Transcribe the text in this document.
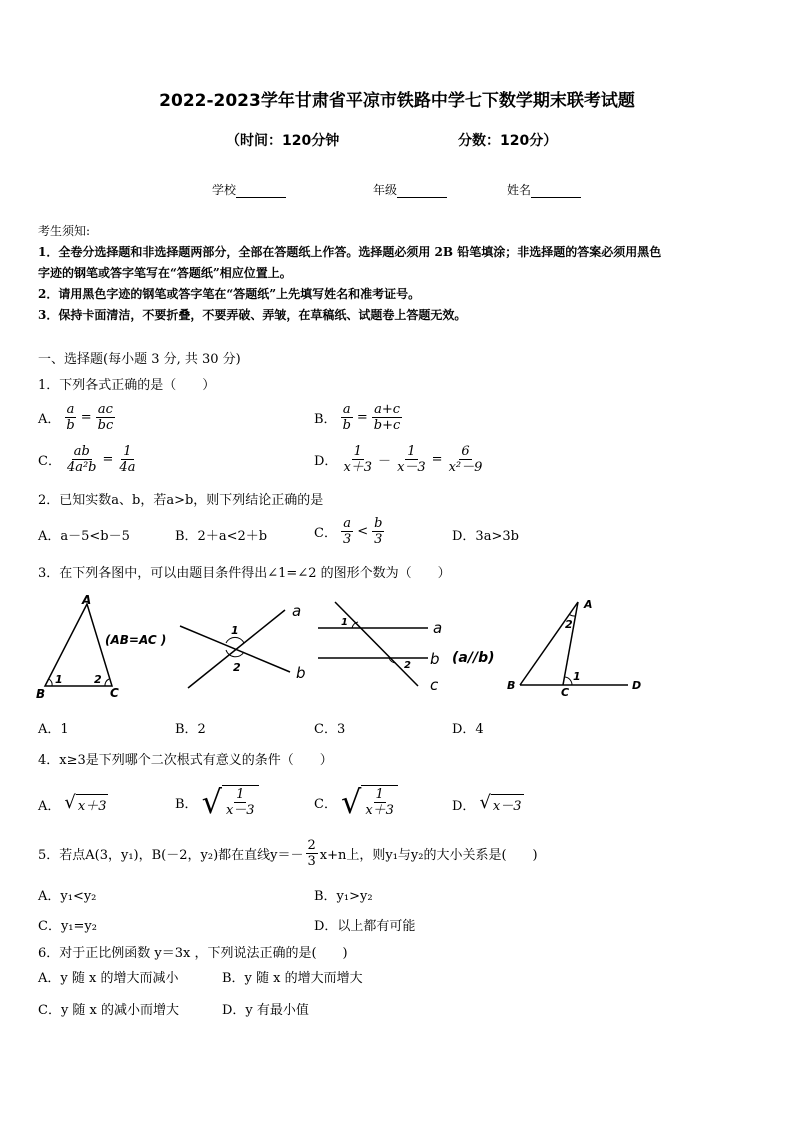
2022-2023学年甘肃省平凉市铁路中学七下数学期末联考试题
（时间：120分钟	分数：120分）
学校	年级	姓名
考生须知:
1．全卷分选择题和非选择题两部分，全部在答题纸上作答。选择题必须用 2B 铅笔填涂；非选择题的答案必须用黑色
字迹的钢笔或答字笔写在“答题纸”相应位置上。
2．请用黑色字迹的钢笔或答字笔在“答题纸”上先填写姓名和准考证号。
3．保持卡面清洁，不要折叠，不要弄破、弄皱，在草稿纸、试题卷上答题无效。
一、选择题(每小题 3 分, 共 30 分)
1．下列各式正确的是（　　）
A． $\frac{a}{b} = \frac{ac}{bc}$	B． $\frac{a}{b} = \frac{a+c}{b+c}$
C． $\frac{ab}{\text{4a²b}} = \frac{1}{4a}$	D． $\frac{1}{x+3} - \frac{1}{x-3} = \frac{6}{\text{x²－9}}$
2．已知实数a、b，若a>b，则下列结论正确的是
A．a－5<b－5	B．2＋a<2＋b	C． $\frac{a}{3} < \frac{b}{3}$	D．3a>3b
3．在下列各图中，可以由题目条件得出∠1=∠2 的图形个数为（　　）
A
B	C
1	2
(AB=AC )
1
2
a
b
1
2
a
b
c
(a//b)
A
B
C
D
1
2
A．1	B．2	C．3	D．4
4．x≥3是下列哪个二次根式有意义的条件（　　）
A． √ x＋3	B． √ $\frac{1}{x-3}$	C． √ $\frac{1}{x+3}$	D． √ x－3
5．若点A(3，y₁)，B(－2，y₂)都在直线$y=- \frac{2}{3} x+n$上，则y₁与y₂的大小关系是(　　)
A．y₁<y₂	B．y₁>y₂
C．y₁=y₂	D．以上都有可能
6．对于正比例函数 y＝3x ，下列说法正确的是(　　)
A．y 随 x 的增大而减小	B．y 随 x 的增大而增大
C．y 随 x 的减小而增大	D．y 有最小值
